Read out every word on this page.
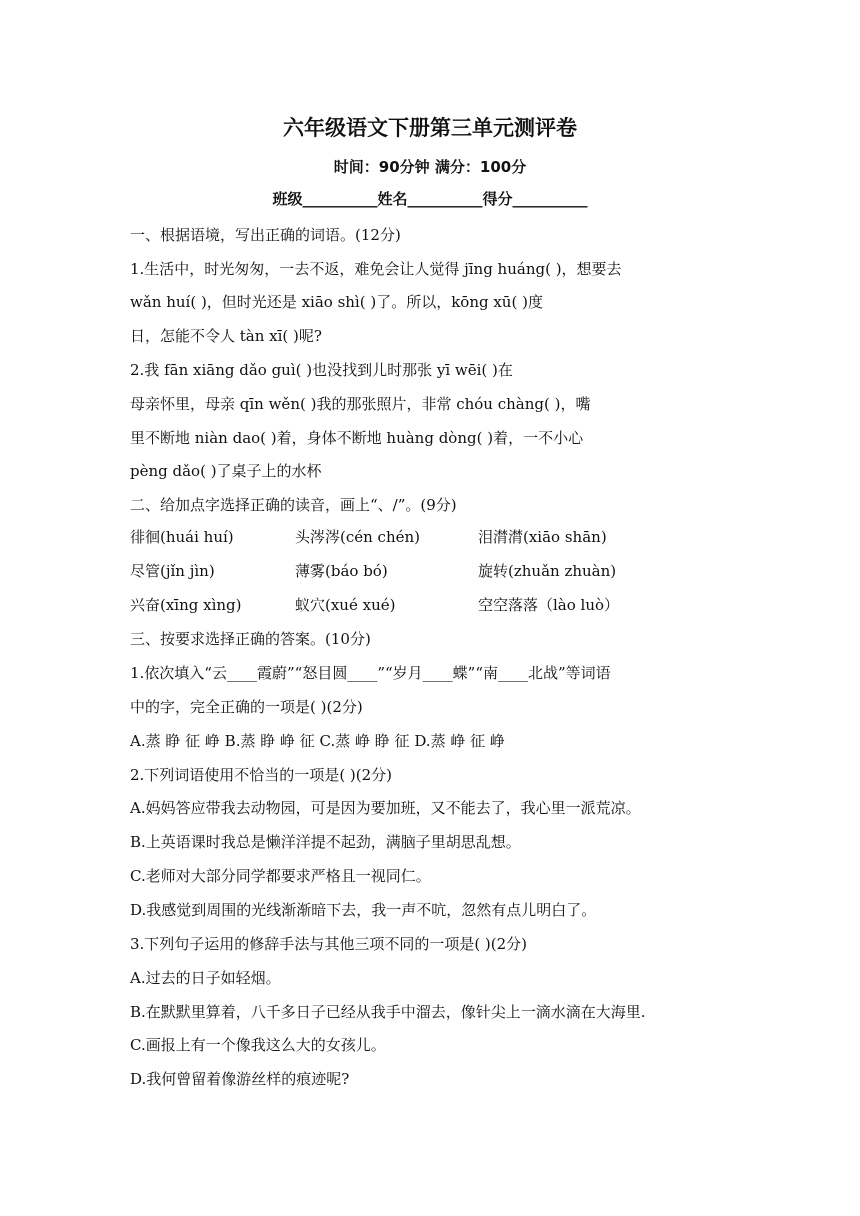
六年级语文下册第三单元测评卷
时间：90分钟 满分：100分
班级__________姓名__________得分__________
一、根据语境，写出正确的词语。(12分)
1.生活中，时光匆匆，一去不返，难免会让人觉得 jīng huáng( )，想要去
wǎn huí( )，但时光还是 xiāo shì( )了。所以，kōng xū( )度
日，怎能不令人 tàn xī( )呢?
2.我 fān xiāng dǎo guì( )也没找到儿时那张 yī wēi( )在
母亲怀里，母亲 qīn wěn( )我的那张照片，非常 chóu chàng( )，嘴
里不断地 niàn dao( )着，身体不断地 huàng dòng( )着，一不小心
pèng dǎo( )了桌子上的水杯
二、给加点字选择正确的读音，画上“、/”。(9分)
徘徊(huái huí)	头涔涔(cén chén)	泪潸潸(xiāo shān)
尽管(jǐn jìn)	薄雾(báo bó)	旋转(zhuǎn zhuàn)
兴奋(xīng xìng)	蚁穴(xué xué)	空空落落（lào luò）
三、按要求选择正确的答案。(10分)
1.依次填入“云____霞蔚”“怒目圆____”“岁月____蝶”“南____北战”等词语
中的字，完全正确的一项是( )(2分)
A.蒸 睁 征 峥 B.蒸 睁 峥 征 C.蒸 峥 睁 征 D.蒸 峥 征 峥
2.下列词语使用不恰当的一项是( )(2分)
A.妈妈答应带我去动物园，可是因为要加班，又不能去了，我心里一派荒凉。
B.上英语课时我总是懒洋洋提不起劲，满脑子里胡思乱想。
C.老师对大部分同学都要求严格且一视同仁。
D.我感觉到周围的光线渐渐暗下去，我一声不吭，忽然有点儿明白了。
3.下列句子运用的修辞手法与其他三项不同的一项是( )(2分)
A.过去的日子如轻烟。
B.在默默里算着，八千多日子已经从我手中溜去，像针尖上一滴水滴在大海里.
C.画报上有一个像我这么大的女孩儿。
D.我何曾留着像游丝样的痕迹呢?
